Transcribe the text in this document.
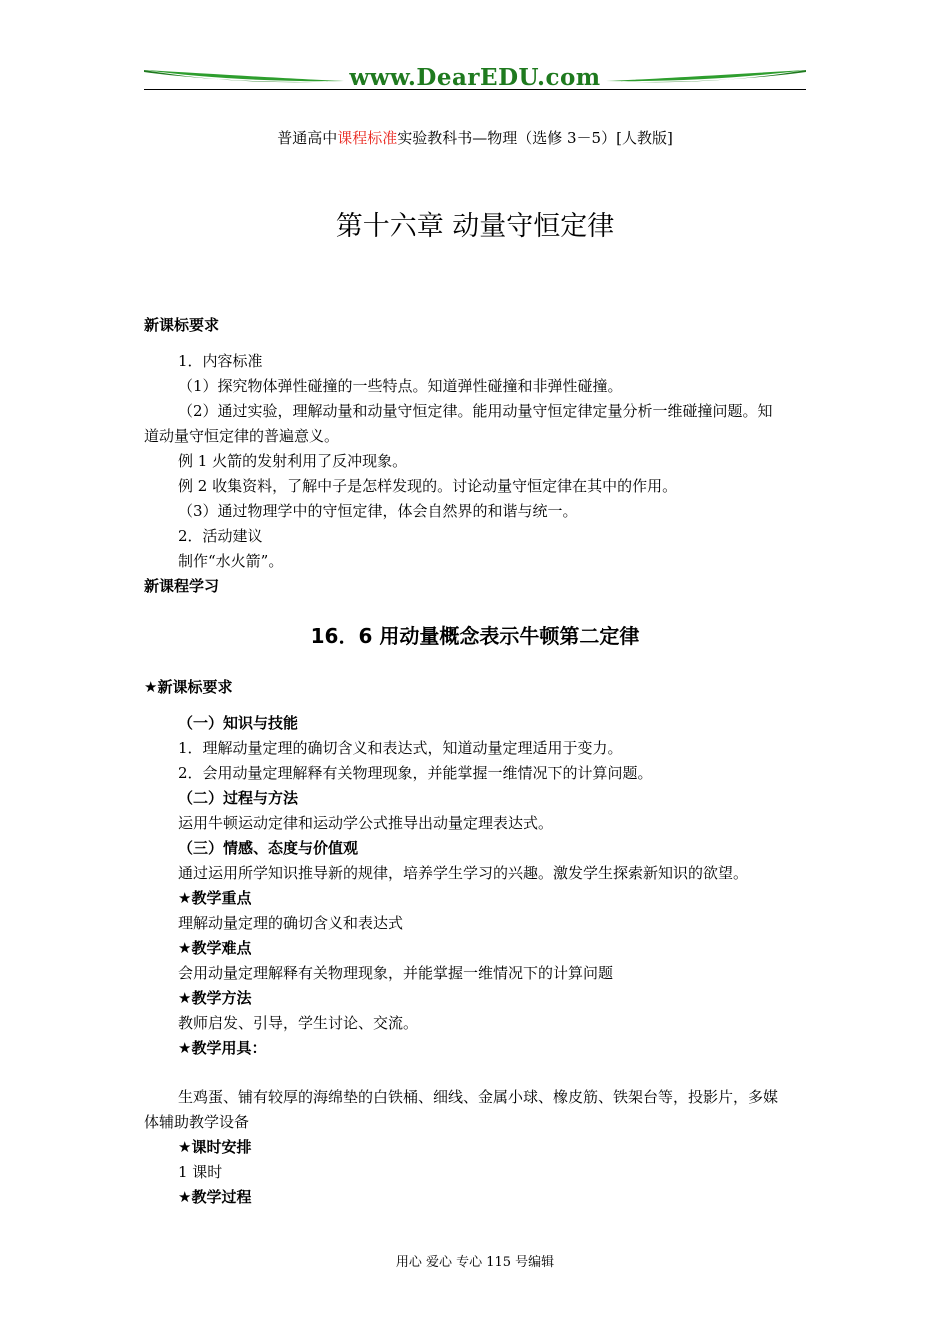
www.DearEDU.com
普通高中课程标准实验教科书—物理（选修 3－5）[人教版]
第十六章 动量守恒定律
新课标要求
1．内容标准
（1）探究物体弹性碰撞的一些特点。知道弹性碰撞和非弹性碰撞。
（2）通过实验，理解动量和动量守恒定律。能用动量守恒定律定量分析一维碰撞问题。知
道动量守恒定律的普遍意义。
例 1 火箭的发射利用了反冲现象。
例 2 收集资料，了解中子是怎样发现的。讨论动量守恒定律在其中的作用。
（3）通过物理学中的守恒定律，体会自然界的和谐与统一。
2．活动建议
制作“水火箭”。
新课程学习
16．6 用动量概念表示牛顿第二定律
★新课标要求
（一）知识与技能
1．理解动量定理的确切含义和表达式，知道动量定理适用于变力。
2．会用动量定理解释有关物理现象，并能掌握一维情况下的计算问题。
（二）过程与方法
运用牛顿运动定律和运动学公式推导出动量定理表达式。
（三）情感、态度与价值观
通过运用所学知识推导新的规律，培养学生学习的兴趣。激发学生探索新知识的欲望。
★教学重点
理解动量定理的确切含义和表达式
★教学难点
会用动量定理解释有关物理现象，并能掌握一维情况下的计算问题
★教学方法
教师启发、引导，学生讨论、交流。
★教学用具：
生鸡蛋、铺有较厚的海绵垫的白铁桶、细线、金属小球、橡皮筋、铁架台等，投影片，多媒
体辅助教学设备
★课时安排
1 课时
★教学过程
用心 爱心 专心 115 号编辑
